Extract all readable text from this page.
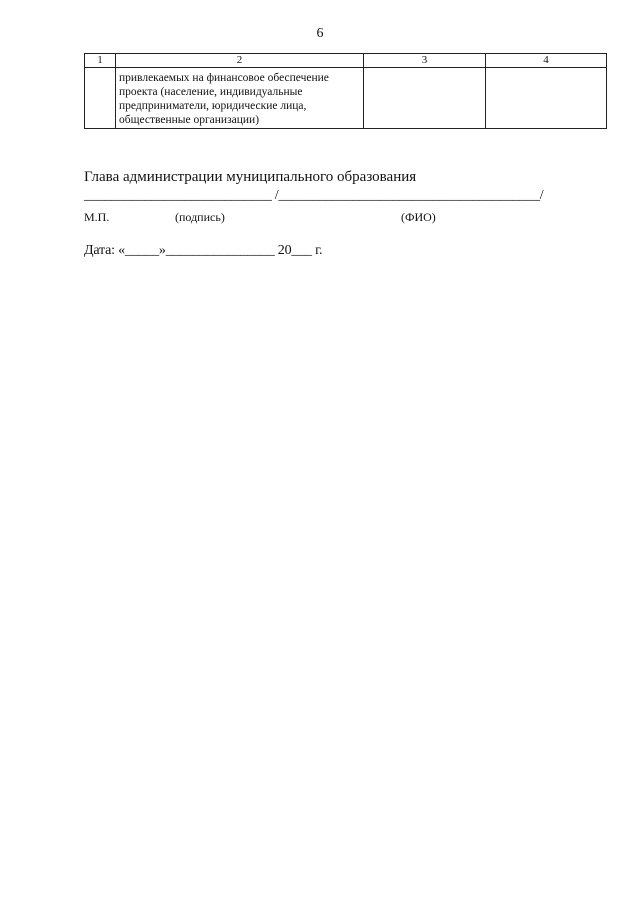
6
1	2	3	4

	привлекаемых на финансовое обеспечение проекта (население, индивидуальные предприниматели, юридические лица, общественные организации)		

Глава администрации муниципального образования
____________________________ /_______________________________________/
М.П.	(подпись)	(ФИО)
Дата: «_____»________________ 20___ г.
